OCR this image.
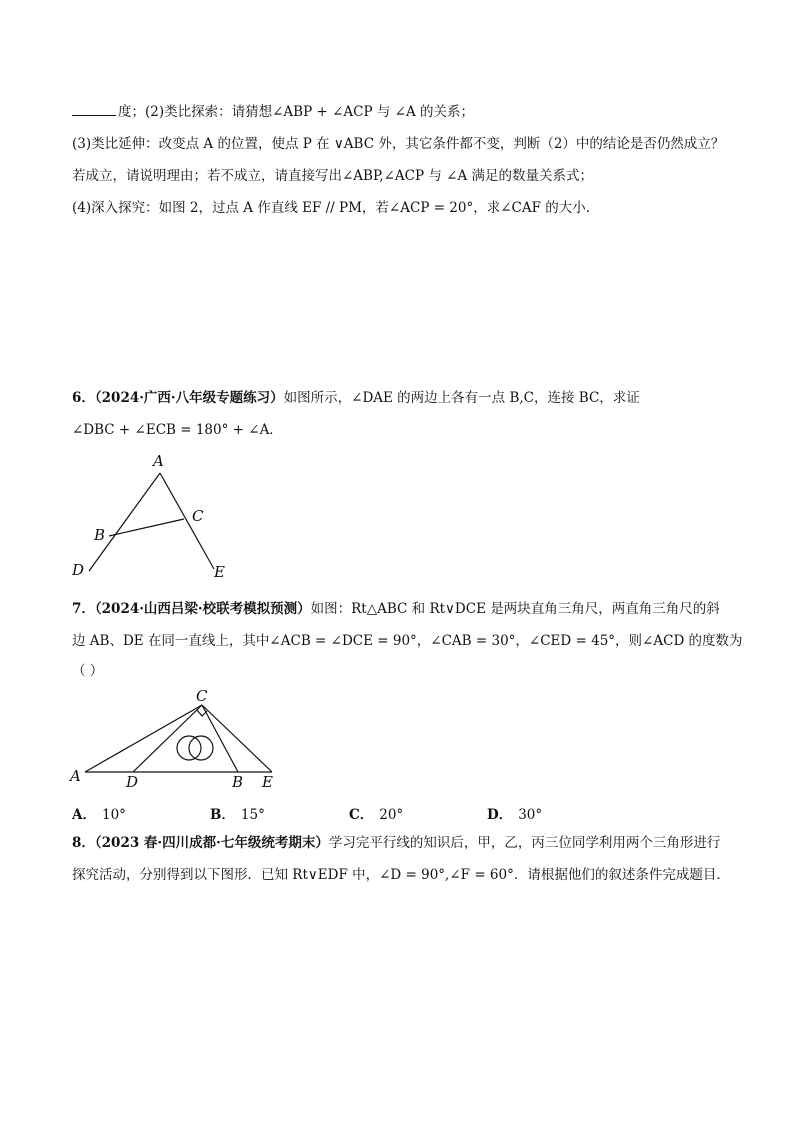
度；(2)类比探索：请猜想∠ABP + ∠ACP 与 ∠A 的关系；
(3)类比延伸：改变点 A 的位置，使点 P 在 ∨ABC 外，其它条件都不变，判断（2）中的结论是否仍然成立？
若成立，请说明理由；若不成立，请直接写出∠ABP,∠ACP 与 ∠A 满足的数量关系式；
(4)深入探究：如图 2，过点 A 作直线 EF // PM，若∠ACP = 20°，求∠CAF 的大小．
6．（2024·广西·八年级专题练习）如图所示，∠DAE 的两边上各有一点 B,C，连接 BC，求证
∠DBC + ∠ECB = 180° + ∠A．
A
B
C
D	E
7．（2024·山西吕梁·校联考模拟预测）如图：Rt△ABC 和 Rt∨DCE 是两块直角三角尺，两直角三角尺的斜
边 AB、DE 在同一直线上，其中∠ACB = ∠DCE = 90°，∠CAB = 30°，∠CED = 45°，则∠ACD 的度数为
（ ）
C
A	D	B E
A． 10°	B． 15°	C． 20°	D． 30°
8．（2023 春·四川成都·七年级统考期末）学习完平行线的知识后，甲，乙，丙三位同学利用两个三角形进行
探究活动，分别得到以下图形．已知 Rt∨EDF 中，∠D = 90°,∠F = 60°．请根据他们的叙述条件完成题目．
